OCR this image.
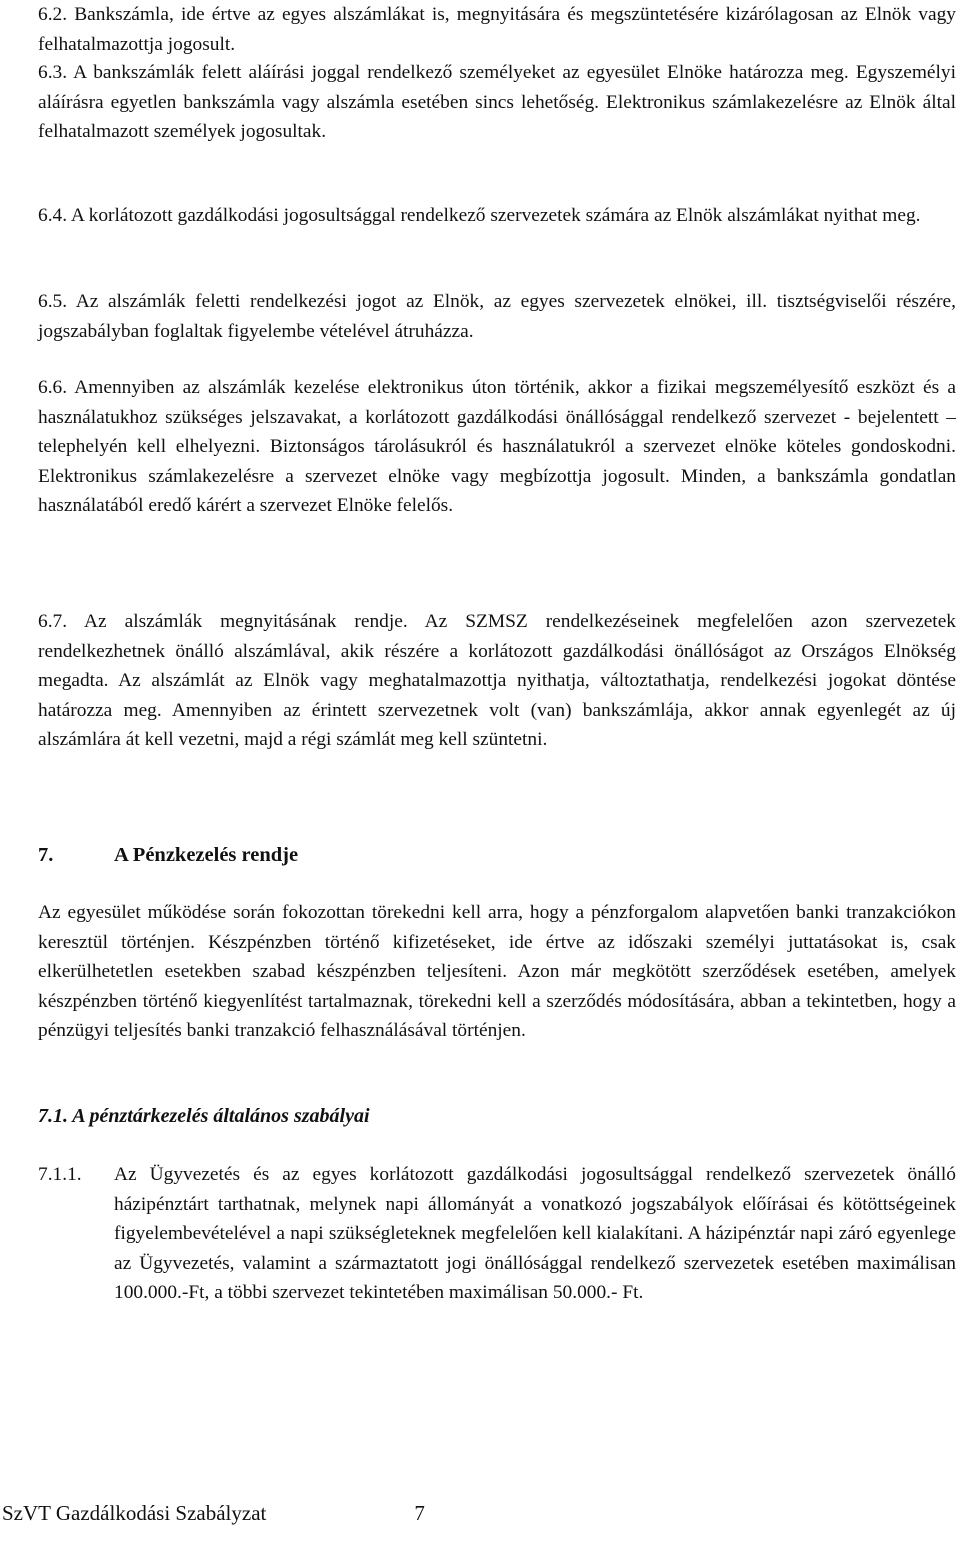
6.2. Bankszámla, ide értve az egyes alszámlákat is, megnyitására és megszüntetésére kizárólagosan az Elnök vagy felhatalmazottja jogosult.

6.3. A bankszámlák felett aláírási joggal rendelkező személyeket az egyesület Elnöke határozza meg. Egyszemélyi aláírásra egyetlen bankszámla vagy alszámla esetében sincs lehetőség. Elektronikus számlakezelésre az Elnök által felhatalmazott személyek jogosultak.

6.4. A korlátozott gazdálkodási jogosultsággal rendelkező szervezetek számára az Elnök alszámlákat nyithat meg.

6.5. Az alszámlák feletti rendelkezési jogot az Elnök, az egyes szervezetek elnökei, ill. tisztségviselői részére, jogszabályban foglaltak figyelembe vételével átruházza.

6.6. Amennyiben az alszámlák kezelése elektronikus úton történik, akkor a fizikai megszemélyesítő eszközt és a használatukhoz szükséges jelszavakat, a korlátozott gazdálkodási önállósággal rendelkező szervezet - bejelentett – telephelyén kell elhelyezni. Biztonságos tárolásukról és használatukról a szervezet elnöke köteles gondoskodni. Elektronikus számlakezelésre a szervezet elnöke vagy megbízottja jogosult. Minden, a bankszámla gondatlan használatából eredő kárért a szervezet Elnöke felelős.

6.7. Az alszámlák megnyitásának rendje. Az SZMSZ rendelkezéseinek megfelelően azon szervezetek rendelkezhetnek önálló alszámlával, akik részére a korlátozott gazdálkodási önállóságot az Országos Elnökség megadta. Az alszámlát az Elnök vagy meghatalmazottja nyithatja, változtathatja, rendelkezési jogokat döntése határozza meg. Amennyiben az érintett szervezetnek volt (van) bankszámlája, akkor annak egyenlegét az új alszámlára át kell vezetni, majd a régi számlát meg kell szüntetni.

7.	A Pénzkezelés rendje

Az egyesület működése során fokozottan törekedni kell arra, hogy a pénzforgalom alapvetően banki tranzakciókon keresztül történjen. Készpénzben történő kifizetéseket, ide értve az időszaki személyi juttatásokat is, csak elkerülhetetlen esetekben szabad készpénzben teljesíteni. Azon már megkötött szerződések esetében, amelyek készpénzben történő kiegyenlítést tartalmaznak, törekedni kell a szerződés módosítására, abban a tekintetben, hogy a pénzügyi teljesítés banki tranzakció felhasználásával történjen.

7.1. A pénztárkezelés általános szabályai
7.1.1. Az Ügyvezetés és az egyes korlátozott gazdálkodási jogosultsággal rendelkező szervezetek önálló házipénztárt tarthatnak, melynek napi állományát a vonatkozó jogszabályok előírásai és kötöttségeinek figyelembevételével a napi szükségleteknek megfelelően kell kialakítani. A házipénztár napi záró egyenlege az Ügyvezetés, valamint a származtatott jogi önállósággal rendelkező szervezetek esetében maximálisan 100.000.-Ft, a többi szervezet tekintetében maximálisan 50.000.- Ft.

SzVT Gazdálkodási Szabályzat	7
